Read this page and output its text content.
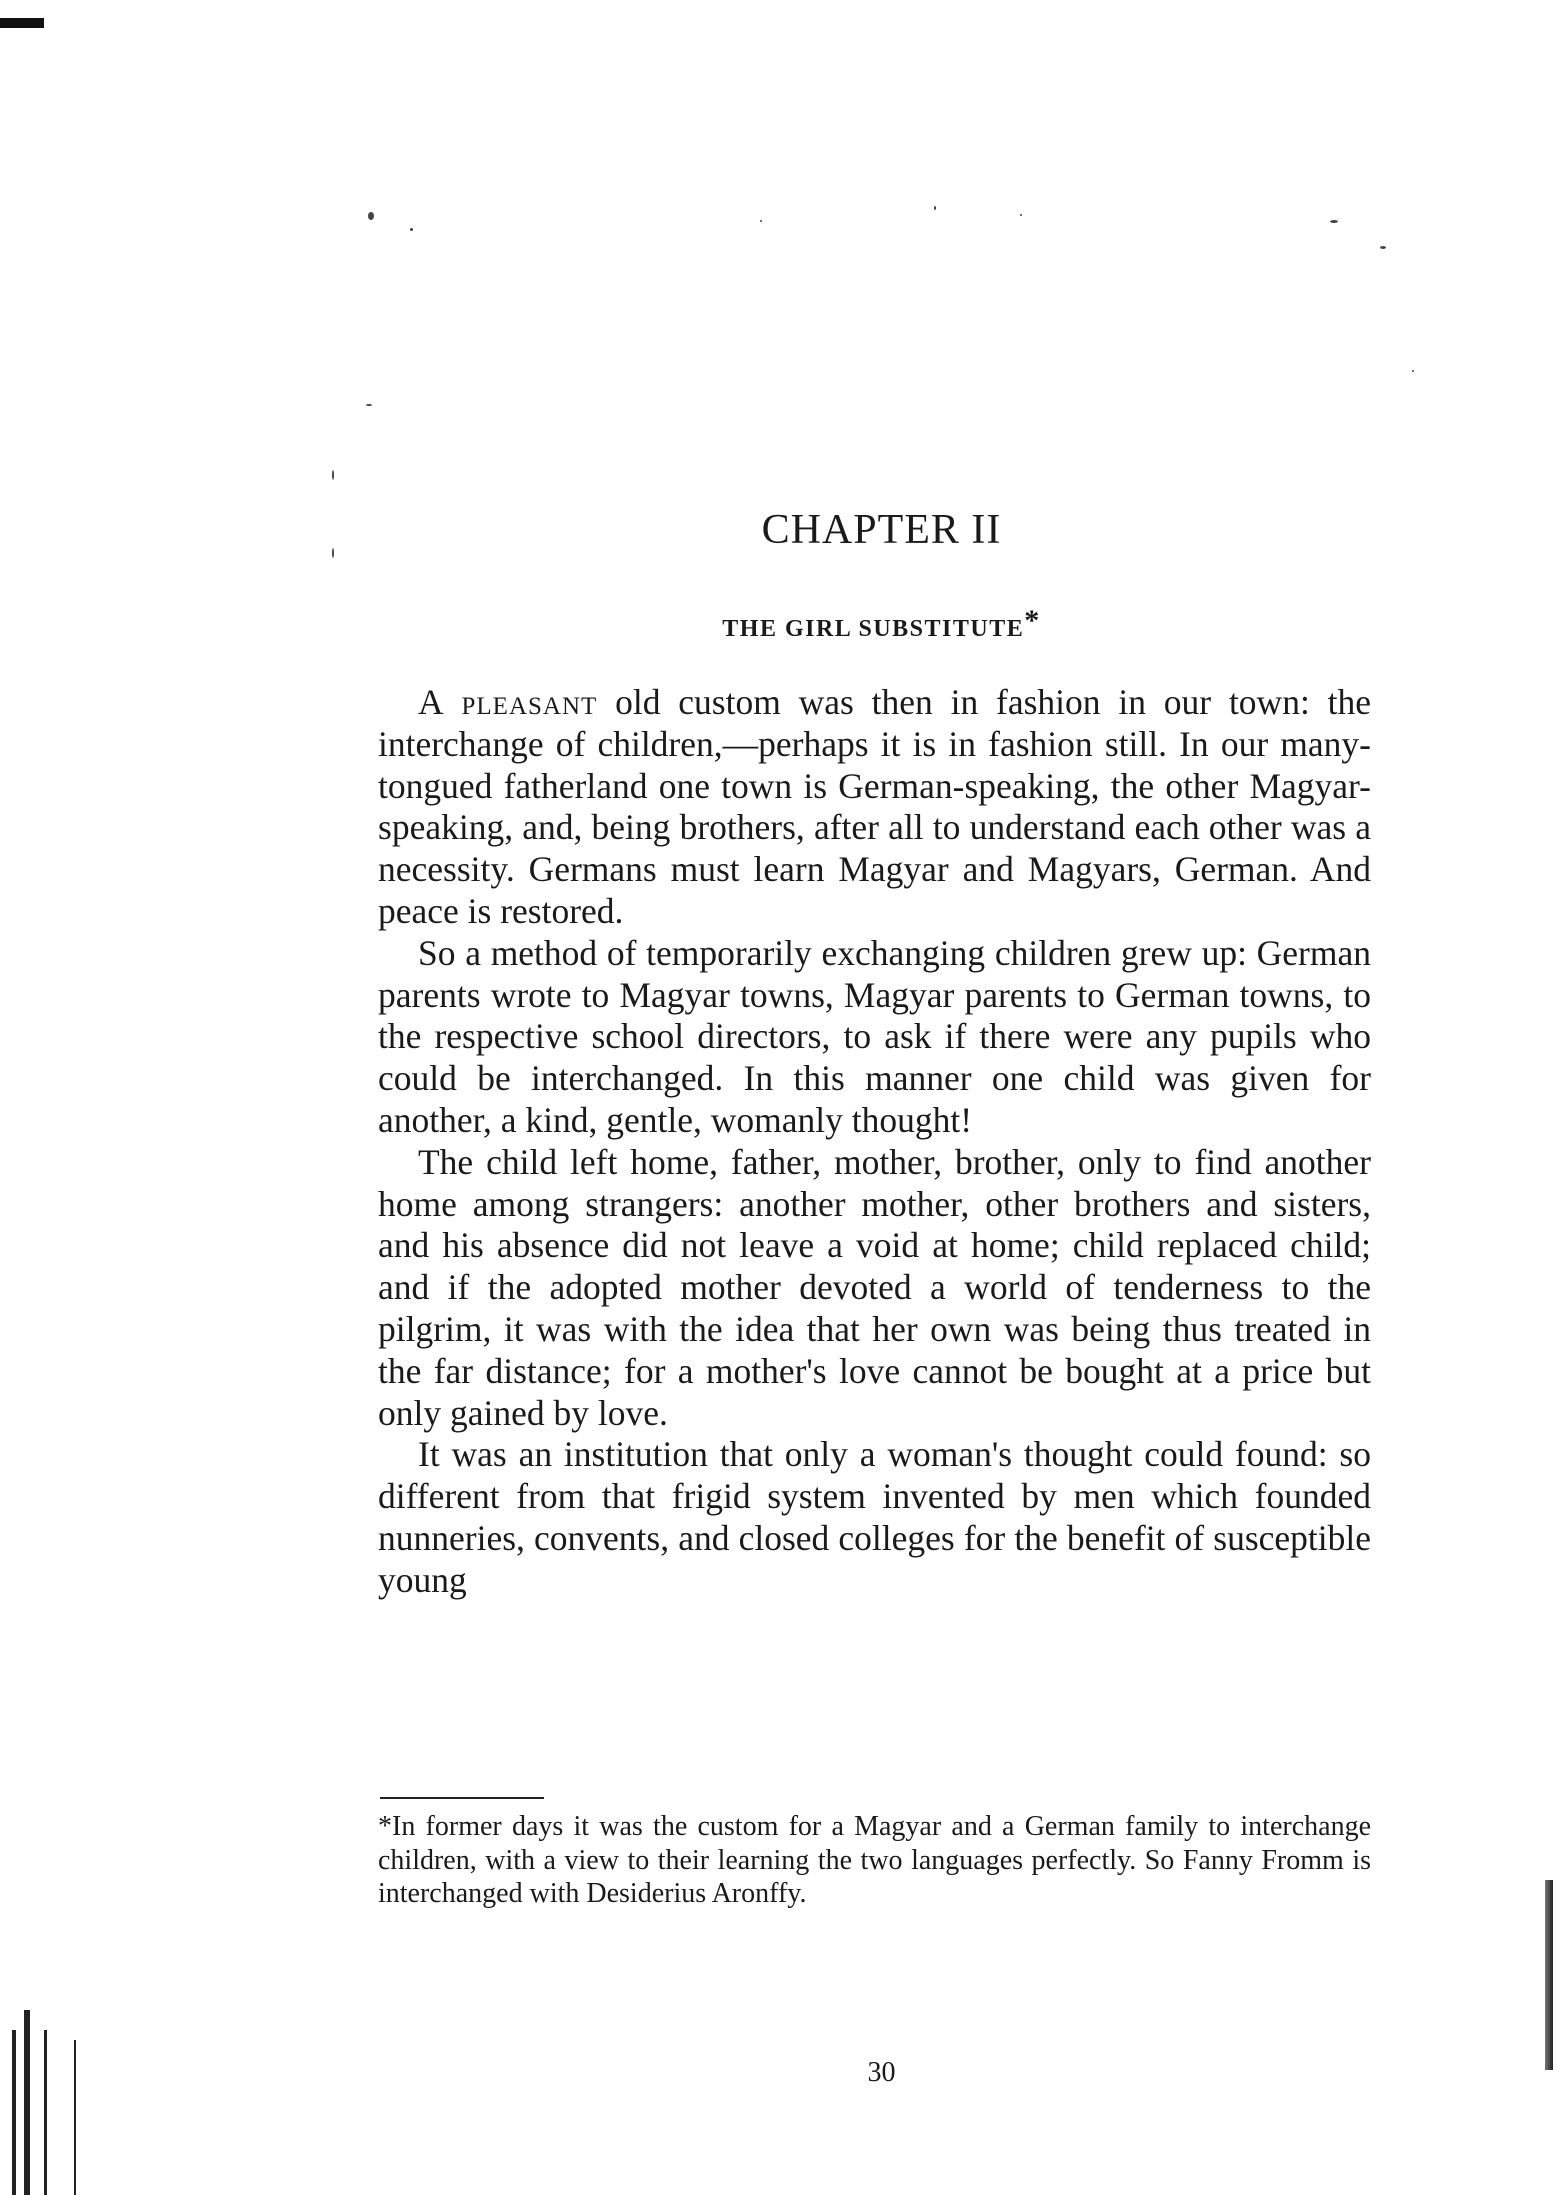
CHAPTER II
THE GIRL SUBSTITUTE*

A pleasant old custom was then in fashion in our town: the interchange of children,—perhaps it is in fashion still. In our many-tongued fatherland one town is German-speaking, the other Magyar-speaking, and, being brothers, after all to understand each other was a necessity. Germans must learn Magyar and Magyars, German. And peace is restored.

So a method of temporarily exchanging children grew up: German parents wrote to Magyar towns, Magyar parents to German towns, to the respective school directors, to ask if there were any pupils who could be interchanged. In this manner one child was given for another, a kind, gentle, womanly thought!

The child left home, father, mother, brother, only to find another home among strangers: another mother, other brothers and sisters, and his absence did not leave a void at home; child replaced child; and if the adopted mother devoted a world of tenderness to the pilgrim, it was with the idea that her own was being thus treated in the far distance; for a mother's love cannot be bought at a price but only gained by love.

It was an institution that only a woman's thought could found: so different from that frigid system invented by men which founded nunneries, convents, and closed colleges for the benefit of susceptible young

*In former days it was the custom for a Magyar and a German family to interchange children, with a view to their learning the two languages perfectly. So Fanny Fromm is interchanged with Desiderius Aronffy.

30
